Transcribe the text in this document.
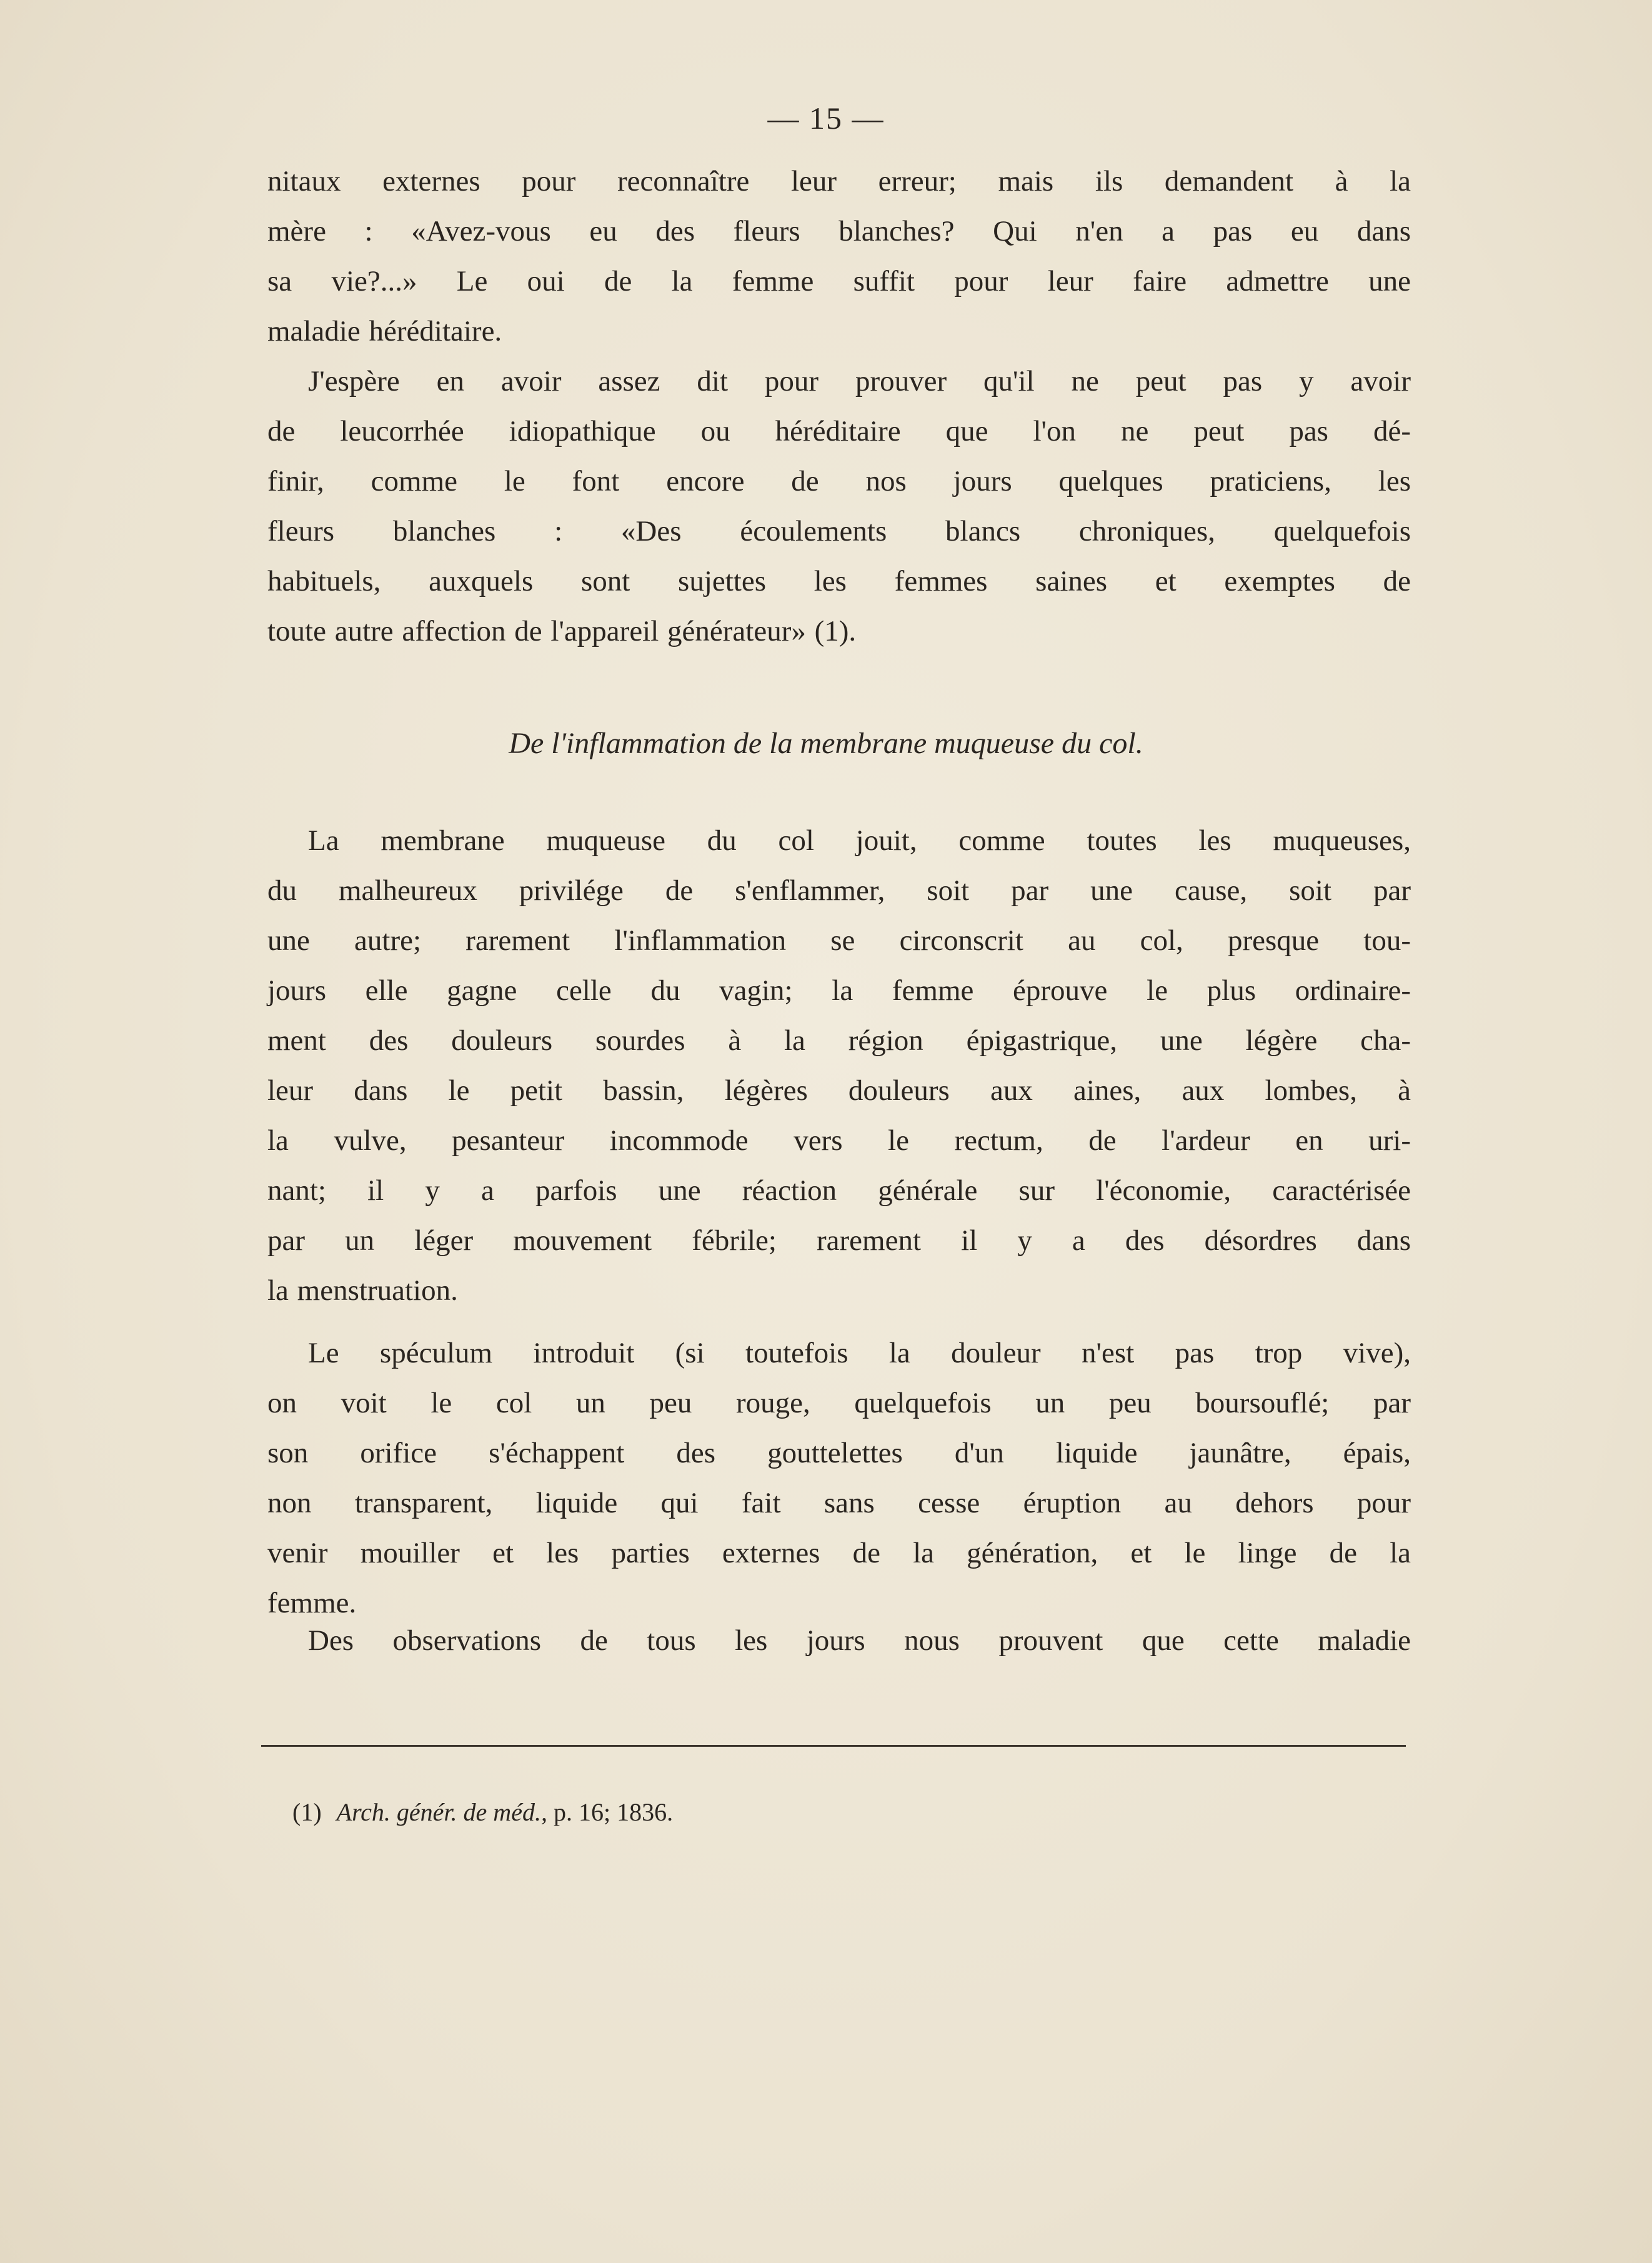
— 15 —
nitaux externes pour reconnaître leur erreur; mais ils demandent à la
mère : «Avez-vous eu des fleurs blanches? Qui n'en a pas eu dans
sa vie?...» Le oui de la femme suffit pour leur faire admettre une
maladie héréditaire.
J'espère en avoir assez dit pour prouver qu'il ne peut pas y avoir
de leucorrhée idiopathique ou héréditaire que l'on ne peut pas dé-
finir, comme le font encore de nos jours quelques praticiens, les
fleurs blanches : «Des écoulements blancs chroniques, quelquefois
habituels, auxquels sont sujettes les femmes saines et exemptes de
toute autre affection de l'appareil générateur» (1).
De l'inflammation de la membrane muqueuse du col.
La membrane muqueuse du col jouit, comme toutes les muqueuses,
du malheureux privilége de s'enflammer, soit par une cause, soit par
une autre; rarement l'inflammation se circonscrit au col, presque tou-
jours elle gagne celle du vagin; la femme éprouve le plus ordinaire-
ment des douleurs sourdes à la région épigastrique, une légère cha-
leur dans le petit bassin, légères douleurs aux aines, aux lombes, à
la vulve, pesanteur incommode vers le rectum, de l'ardeur en uri-
nant; il y a parfois une réaction générale sur l'économie, caractérisée
par un léger mouvement fébrile; rarement il y a des désordres dans
la menstruation.
Le spéculum introduit (si toutefois la douleur n'est pas trop vive),
on voit le col un peu rouge, quelquefois un peu boursouflé; par
son orifice s'échappent des gouttelettes d'un liquide jaunâtre, épais,
non transparent, liquide qui fait sans cesse éruption au dehors pour
venir mouiller et les parties externes de la génération, et le linge de la
femme.
Des observations de tous les jours nous prouvent que cette maladie
(1) Arch. génér. de méd., p. 16; 1836.
